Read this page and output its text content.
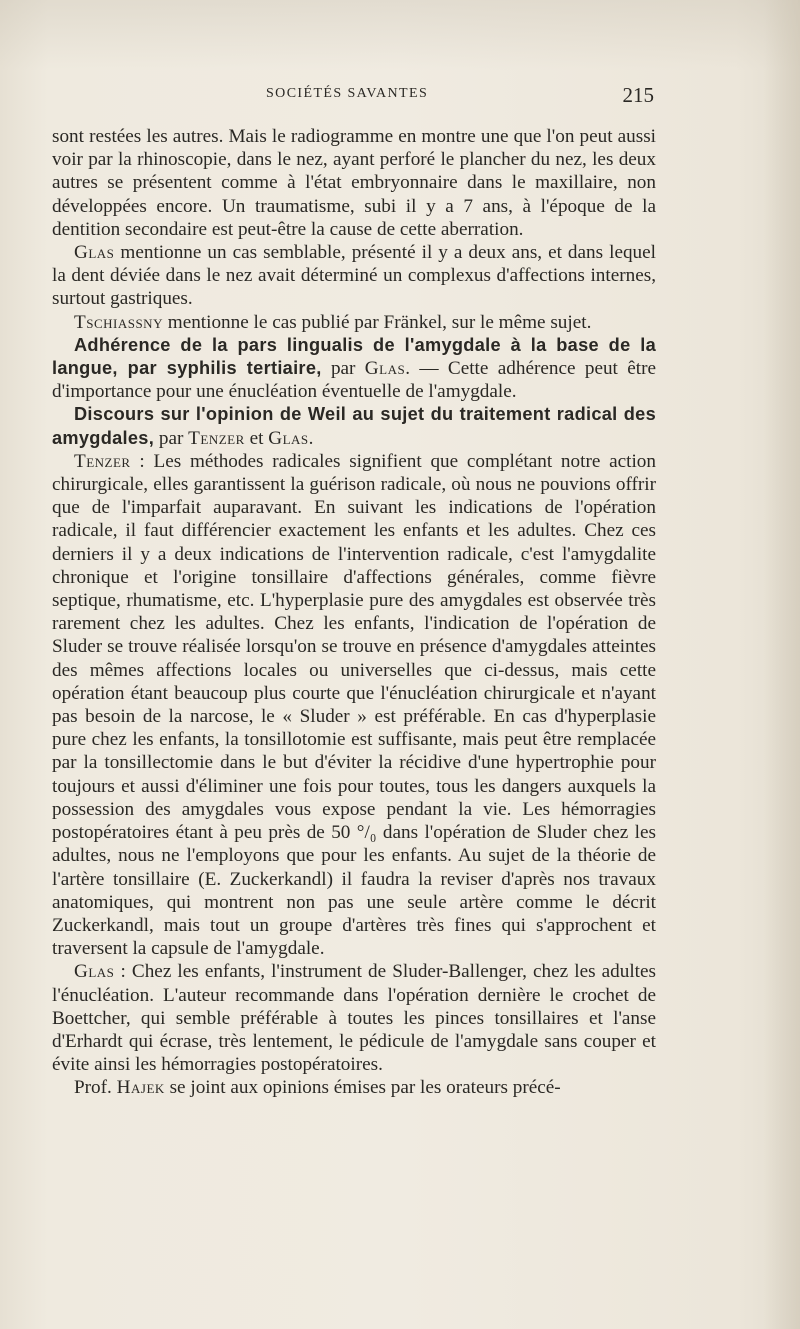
SOCIÉTÉS SAVANTES	215

sont restées les autres. Mais le radiogramme en montre une que l'on peut aussi voir par la rhinoscopie, dans le nez, ayant perforé le plancher du nez, les deux autres se présentent comme à l'état embryonnaire dans le maxillaire, non développées encore. Un traumatisme, subi il y a 7 ans, à l'époque de la dentition secondaire est peut-être la cause de cette aberration.

Glas mentionne un cas semblable, présenté il y a deux ans, et dans lequel la dent déviée dans le nez avait déterminé un complexus d'affections internes, surtout gastriques.

Tschiassny mentionne le cas publié par Fränkel, sur le même sujet.

Adhérence de la pars lingualis de l'amygdale à la base de la langue, par syphilis tertiaire, par Glas. — Cette adhérence peut être d'importance pour une énucléation éventuelle de l'amygdale.

Discours sur l'opinion de Weil au sujet du traitement radical des amygdales, par Tenzer et Glas.

Tenzer : Les méthodes radicales signifient que complétant notre action chirurgicale, elles garantissent la guérison radicale, où nous ne pouvions offrir que de l'imparfait auparavant. En suivant les indications de l'opération radicale, il faut différencier exactement les enfants et les adultes. Chez ces derniers il y a deux indications de l'intervention radicale, c'est l'amygdalite chronique et l'origine tonsillaire d'affections générales, comme fièvre septique, rhumatisme, etc. L'hyperplasie pure des amygdales est observée très rarement chez les adultes. Chez les enfants, l'indication de l'opération de Sluder se trouve réalisée lorsqu'on se trouve en présence d'amygdales atteintes des mêmes affections locales ou universelles que ci-dessus, mais cette opération étant beaucoup plus courte que l'énucléation chirurgicale et n'ayant pas besoin de la narcose, le « Sluder » est préférable. En cas d'hyperplasie pure chez les enfants, la tonsillotomie est suffisante, mais peut être remplacée par la tonsillectomie dans le but d'éviter la récidive d'une hypertrophie pour toujours et aussi d'éliminer une fois pour toutes, tous les dangers auxquels la possession des amygdales vous expose pendant la vie. Les hémorragies postopératoires étant à peu près de 50 °/₀ dans l'opération de Sluder chez les adultes, nous ne l'employons que pour les enfants. Au sujet de la théorie de l'artère tonsillaire (E. Zuckerkandl) il faudra la reviser d'après nos travaux anatomiques, qui montrent non pas une seule artère comme le décrit Zuckerkandl, mais tout un groupe d'artères très fines qui s'approchent et traversent la capsule de l'amygdale.

Glas : Chez les enfants, l'instrument de Sluder-Ballenger, chez les adultes l'énucléation. L'auteur recommande dans l'opération dernière le crochet de Boettcher, qui semble préférable à toutes les pinces tonsillaires et l'anse d'Erhardt qui écrase, très lentement, le pédicule de l'amygdale sans couper et évite ainsi les hémorragies postopératoires.

Prof. Hajek se joint aux opinions émises par les orateurs précé-
